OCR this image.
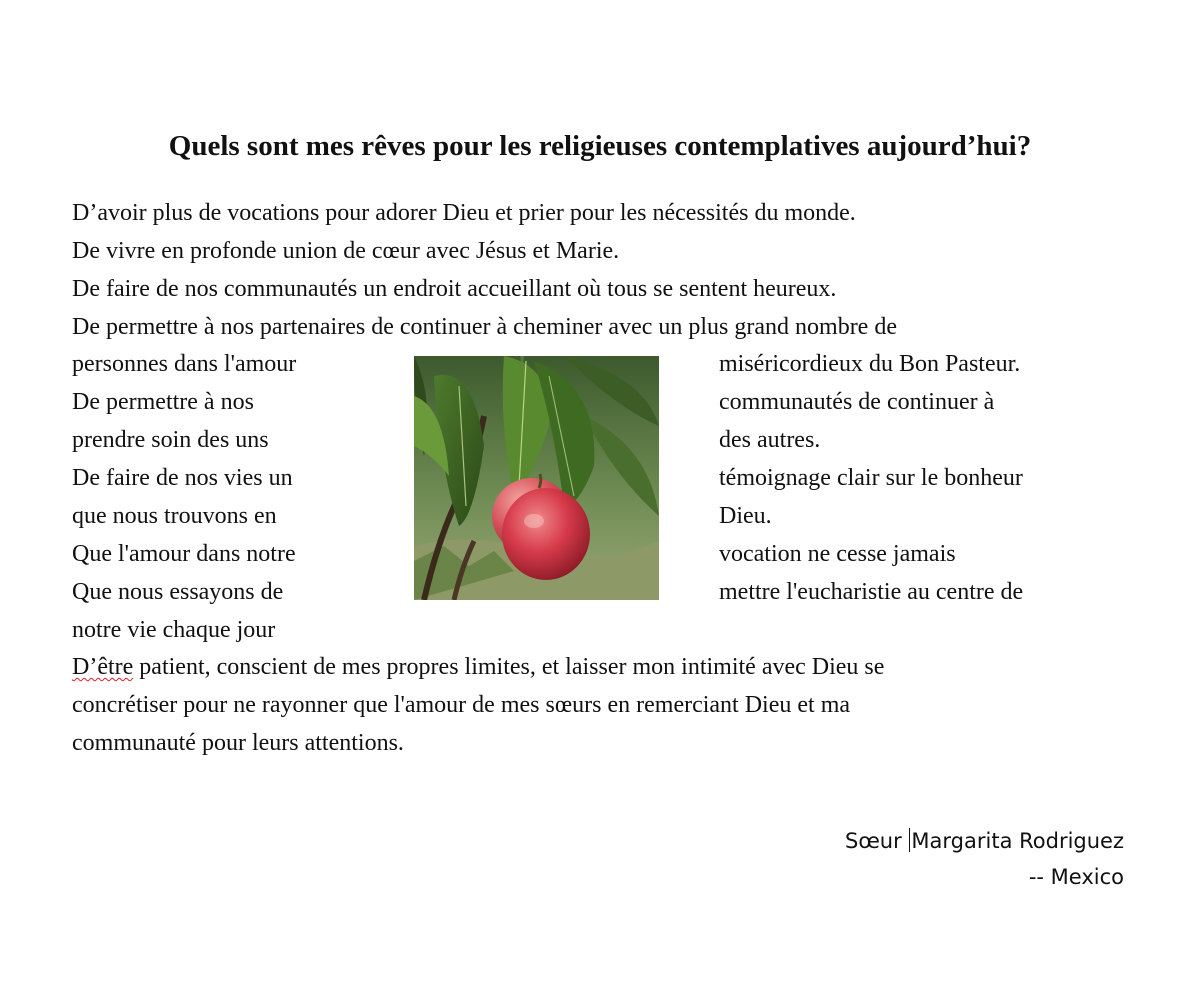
Quels sont mes rêves pour les religieuses contemplatives aujourd’hui?

D’avoir plus de vocations pour adorer Dieu et prier pour les nécessités du monde.

De vivre en profonde union de cœur avec Jésus et Marie.

De faire de nos communautés un endroit accueillant où tous se sentent heureux.

De permettre à nos partenaires de continuer à cheminer avec un plus grand nombre de

personnes dans l'amour

De permettre à nos

prendre soin des uns

De faire de nos vies un

que nous trouvons en

Que l'amour dans notre

Que nous essayons de

notre vie chaque jour

miséricordieux du Bon Pasteur.

communautés de continuer à

des autres.

témoignage clair sur le bonheur

Dieu.

vocation ne cesse jamais

mettre l'eucharistie au centre de

D’être patient, conscient de mes propres limites, et laisser mon intimité avec Dieu se

concrétiser pour ne rayonner que l'amour de mes sœurs en remerciant Dieu et ma

communauté pour leurs attentions.

Sœur Margarita Rodriguez

-- Mexico
